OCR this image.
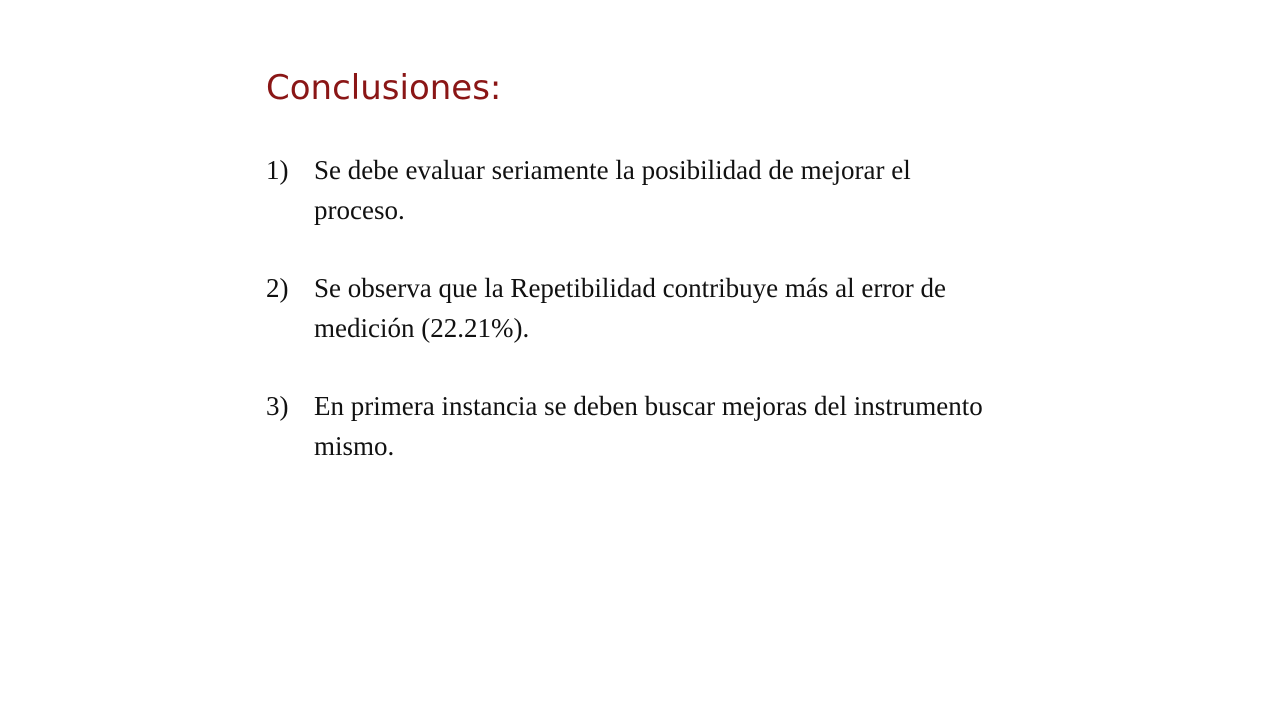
Conclusiones:
1) Se debe evaluar seriamente la posibilidad de mejorar el proceso.
2) Se observa que la Repetibilidad contribuye más al error de medición (22.21%).
3) En primera instancia se deben buscar mejoras del instrumento mismo.
